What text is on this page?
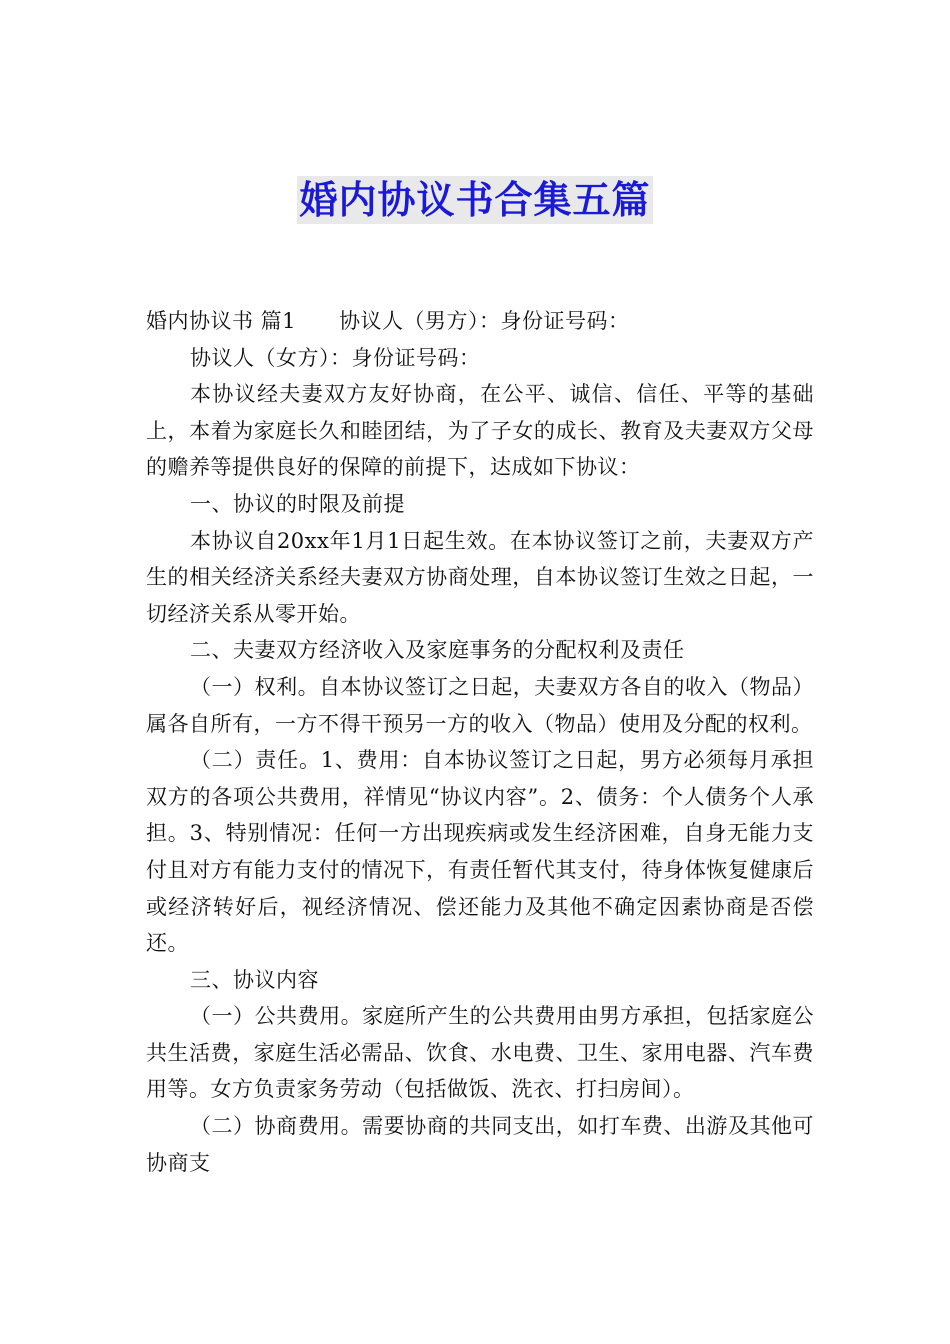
婚内协议书合集五篇

婚内协议书 篇1　　协议人（男方）：身份证号码：

协议人（女方）：身份证号码：

本协议经夫妻双方友好协商，在公平、诚信、信任、平等的基础上，本着为家庭长久和睦团结，为了子女的成长、教育及夫妻双方父母的赡养等提供良好的保障的前提下，达成如下协议：

一、协议的时限及前提

本协议自20xx年1月1日起生效。在本协议签订之前，夫妻双方产生的相关经济关系经夫妻双方协商处理，自本协议签订生效之日起，一切经济关系从零开始。

二、夫妻双方经济收入及家庭事务的分配权利及责任

（一）权利。自本协议签订之日起，夫妻双方各自的收入（物品）属各自所有，一方不得干预另一方的收入（物品）使用及分配的权利。

（二）责任。1、费用：自本协议签订之日起，男方必须每月承担双方的各项公共费用，祥情见“协议内容”。2、债务：个人债务个人承担。3、特别情况：任何一方出现疾病或发生经济困难，自身无能力支付且对方有能力支付的情况下，有责任暂代其支付，待身体恢复健康后或经济转好后，视经济情况、偿还能力及其他不确定因素协商是否偿还。

三、协议内容

（一）公共费用。家庭所产生的公共费用由男方承担，包括家庭公共生活费，家庭生活必需品、饮食、水电费、卫生、家用电器、汽车费用等。女方负责家务劳动（包括做饭、洗衣、打扫房间）。

（二）协商费用。需要协商的共同支出，如打车费、出游及其他可协商支
